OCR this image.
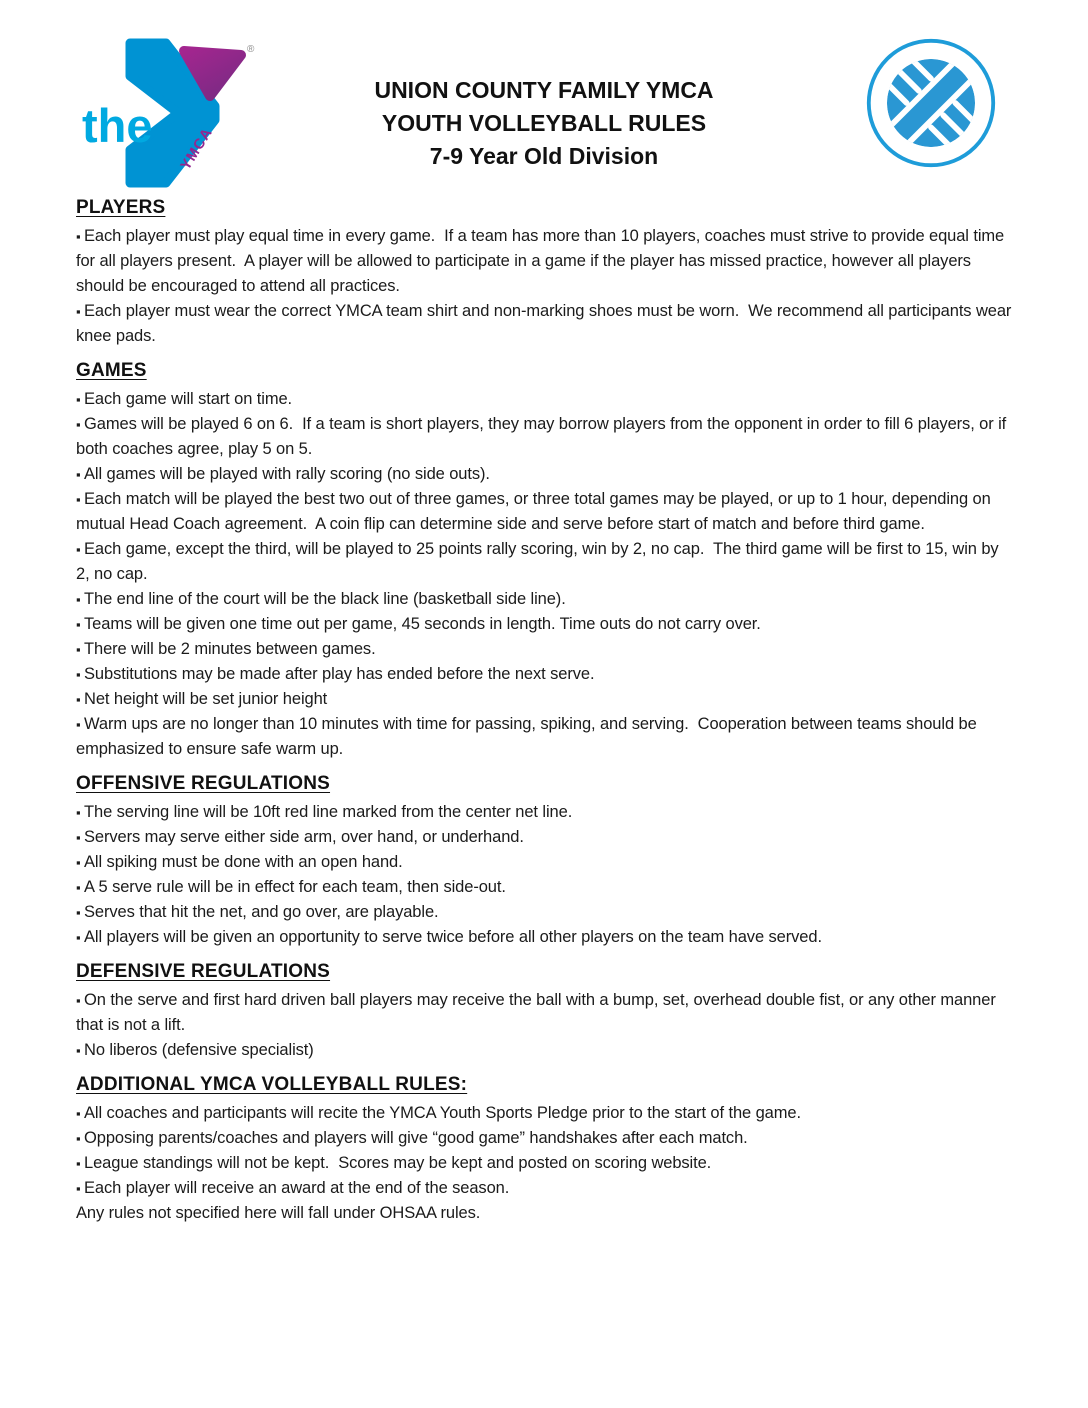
®
the YMCA
UNION COUNTY FAMILY YMCA
YOUTH VOLLEYBALL RULES
7-9 Year Old Division
PLAYERS

▪ Each player must play equal time in every game.  If a team has more than 10 players, coaches must strive to provide equal time for all players present.  A player will be allowed to participate in a game if the player has missed practice, however all players should be encouraged to attend all practices.

▪ Each player must wear the correct YMCA team shirt and non-marking shoes must be worn.  We recommend all participants wear knee pads.

GAMES

▪ Each game will start on time.

▪ Games will be played 6 on 6.  If a team is short players, they may borrow players from the opponent in order to fill 6 players, or if both coaches agree, play 5 on 5.

▪ All games will be played with rally scoring (no side outs).

▪ Each match will be played the best two out of three games, or three total games may be played, or up to 1 hour, depending on mutual Head Coach agreement.  A coin flip can determine side and serve before start of match and before third game.

▪ Each game, except the third, will be played to 25 points rally scoring, win by 2, no cap.  The third game will be first to 15, win by 2, no cap.

▪ The end line of the court will be the black line (basketball side line).

▪ Teams will be given one time out per game, 45 seconds in length. Time outs do not carry over.

▪ There will be 2 minutes between games.

▪ Substitutions may be made after play has ended before the next serve.

▪ Net height will be set junior height

▪ Warm ups are no longer than 10 minutes with time for passing, spiking, and serving.  Cooperation between teams should be emphasized to ensure safe warm up.

OFFENSIVE REGULATIONS

▪ The serving line will be 10ft red line marked from the center net line.

▪ Servers may serve either side arm, over hand, or underhand.

▪ All spiking must be done with an open hand.

▪ A 5 serve rule will be in effect for each team, then side-out.

▪ Serves that hit the net, and go over, are playable.

▪ All players will be given an opportunity to serve twice before all other players on the team have served.

DEFENSIVE REGULATIONS

▪ On the serve and first hard driven ball players may receive the ball with a bump, set, overhead double fist, or any other manner that is not a lift.

▪ No liberos (defensive specialist)

ADDITIONAL YMCA VOLLEYBALL RULES:

▪ All coaches and participants will recite the YMCA Youth Sports Pledge prior to the start of the game.

▪ Opposing parents/coaches and players will give “good game” handshakes after each match.

▪ League standings will not be kept.  Scores may be kept and posted on scoring website.

▪ Each player will receive an award at the end of the season.

Any rules not specified here will fall under OHSAA rules.
